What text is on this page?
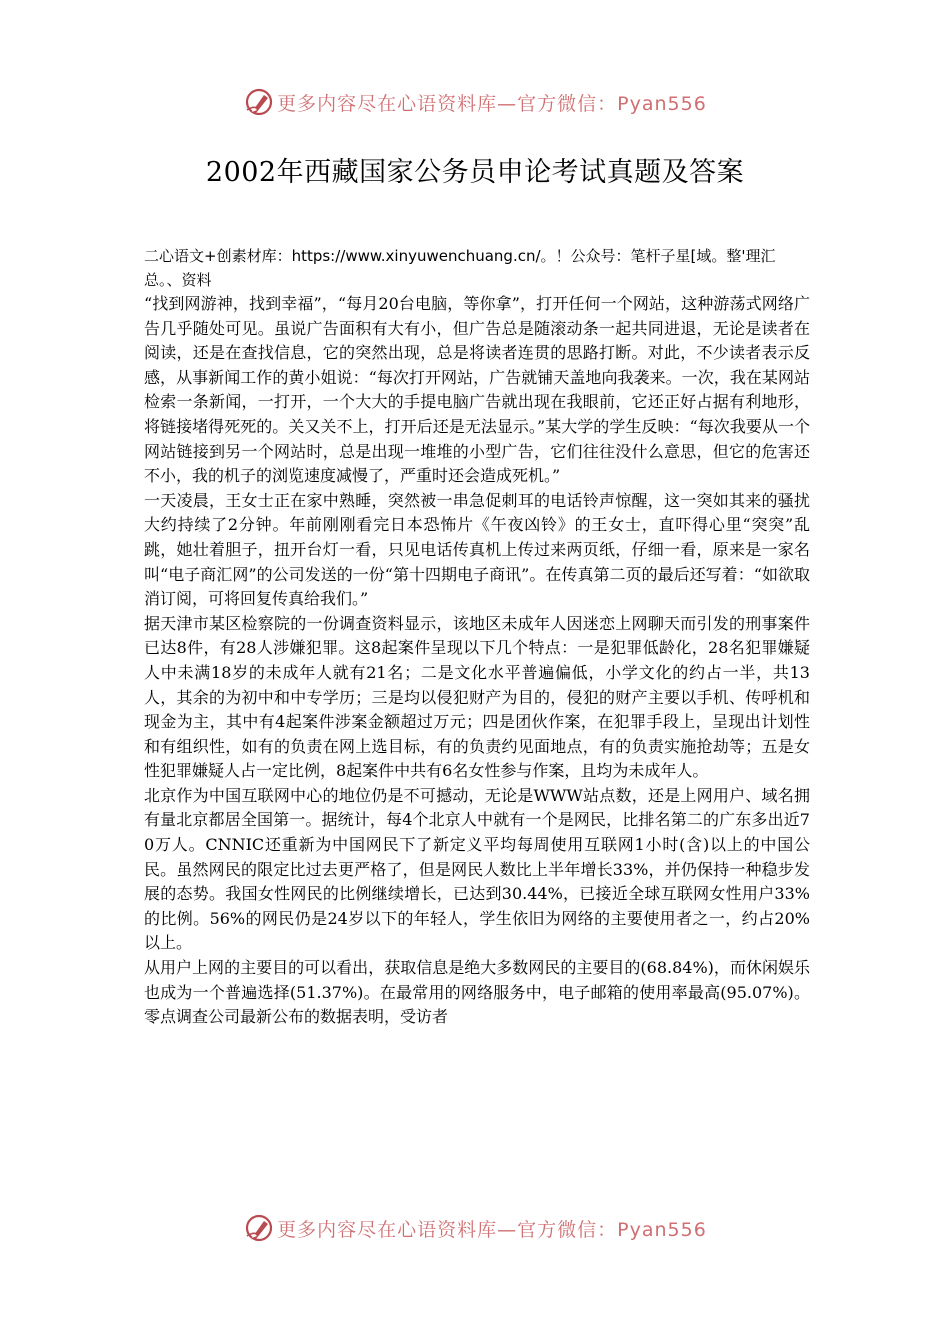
更多内容尽在心语资料库—官方微信：Pyan556
2002年西藏国家公务员申论考试真题及答案

二心语文+创素材库：https://www.xinyuwenchuang.cn/。！公众号：笔杆子星[域。整'理汇总。、资料

“找到网游神，找到幸福”，“每月20台电脑，等你拿”，打开任何一个网站，这种游荡式网络广告几乎随处可见。虽说广告面积有大有小，但广告总是随滚动条一起共同进退，无论是读者在阅读，还是在查找信息，它的突然出现，总是将读者连贯的思路打断。对此，不少读者表示反感，从事新闻工作的黄小姐说：“每次打开网站，广告就铺天盖地向我袭来。一次，我在某网站检索一条新闻，一打开，一个大大的手提电脑广告就出现在我眼前，它还正好占据有利地形，将链接堵得死死的。关又关不上，打开后还是无法显示。”某大学的学生反映：“每次我要从一个网站链接到另一个网站时，总是出现一堆堆的小型广告，它们往往没什么意思，但它的危害还不小，我的机子的浏览速度减慢了，严重时还会造成死机。”

一天凌晨，王女士正在家中熟睡，突然被一串急促刺耳的电话铃声惊醒，这一突如其来的骚扰大约持续了2分钟。年前刚刚看完日本恐怖片《午夜凶铃》的王女士，直吓得心里“突突”乱跳，她壮着胆子，扭开台灯一看，只见电话传真机上传过来两页纸，仔细一看，原来是一家名叫“电子商汇网”的公司发送的一份“第十四期电子商讯”。在传真第二页的最后还写着：“如欲取消订阅，可将回复传真给我们。”

据天津市某区检察院的一份调查资料显示，该地区未成年人因迷恋上网聊天而引发的刑事案件已达8件，有28人涉嫌犯罪。这8起案件呈现以下几个特点：一是犯罪低龄化，28名犯罪嫌疑人中未满18岁的未成年人就有21名；二是文化水平普遍偏低，小学文化的约占一半，共13人，其余的为初中和中专学历；三是均以侵犯财产为目的，侵犯的财产主要以手机、传呼机和现金为主，其中有4起案件涉案金额超过万元；四是团伙作案，在犯罪手段上，呈现出计划性和有组织性，如有的负责在网上选目标，有的负责约见面地点，有的负责实施抢劫等；五是女性犯罪嫌疑人占一定比例，8起案件中共有6名女性参与作案，且均为未成年人。

北京作为中国互联网中心的地位仍是不可撼动，无论是WWW站点数，还是上网用户、域名拥有量北京都居全国第一。据统计，每4个北京人中就有一个是网民，比排名第二的广东多出近70万人。CNNIC还重新为中国网民下了新定义平均每周使用互联网1小时(含)以上的中国公民。虽然网民的限定比过去更严格了，但是网民人数比上半年增长33%，并仍保持一种稳步发展的态势。我国女性网民的比例继续增长，已达到30.44%，已接近全球互联网女性用户33%的比例。56%的网民仍是24岁以下的年轻人，学生依旧为网络的主要使用者之一，约占20%以上。

从用户上网的主要目的可以看出，获取信息是绝大多数网民的主要目的(68.84%)，而休闲娱乐也成为一个普遍选择(51.37%)。在最常用的网络服务中，电子邮箱的使用率最高(95.07%)。零点调查公司最新公布的数据表明，受访者

更多内容尽在心语资料库—官方微信：Pyan556
